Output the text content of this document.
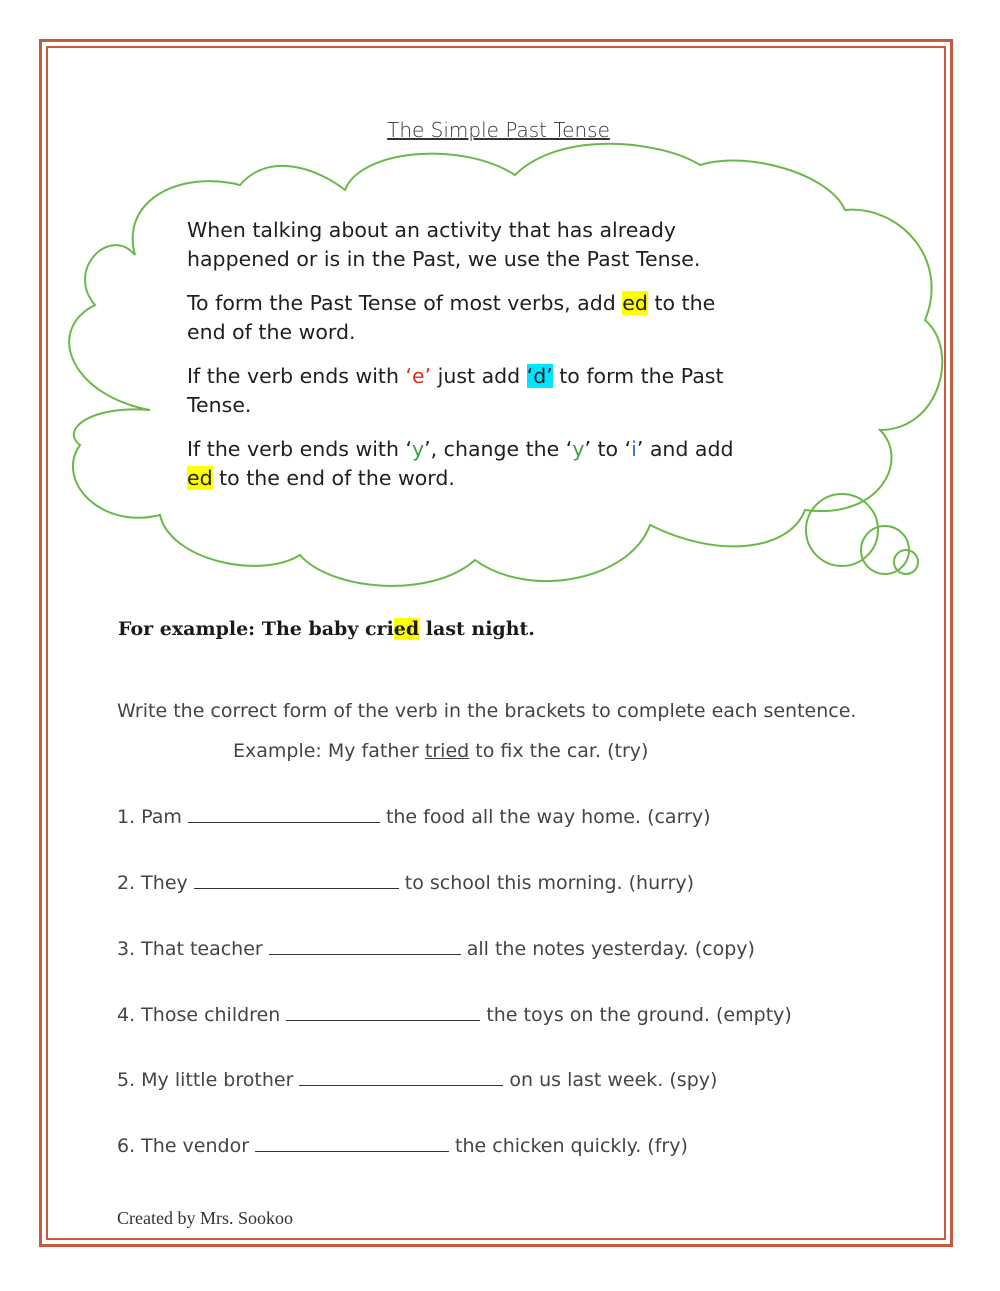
The Simple Past Tense

When talking about an activity that has already happened or is in the Past, we use the Past Tense.

To form the Past Tense of most verbs, add ed to the end of the word.

If the verb ends with ‘e’ just add ‘d’ to form the Past Tense.

If the verb ends with ‘y’, change the ‘y’ to ‘i’ and add ed to the end of the word.

For example: The baby cried last night.
Write the correct form of the verb in the brackets to complete each sentence.
Example: My father tried to fix the car. (try)
1. Pam	the food all the way home. (carry)
2. They	to school this morning. (hurry)
3. That teacher	all the notes yesterday. (copy)
4. Those children	the toys on the ground. (empty)
5. My little brother	on us last week. (spy)
6. The vendor	the chicken quickly. (fry)
Created by Mrs. Sookoo
